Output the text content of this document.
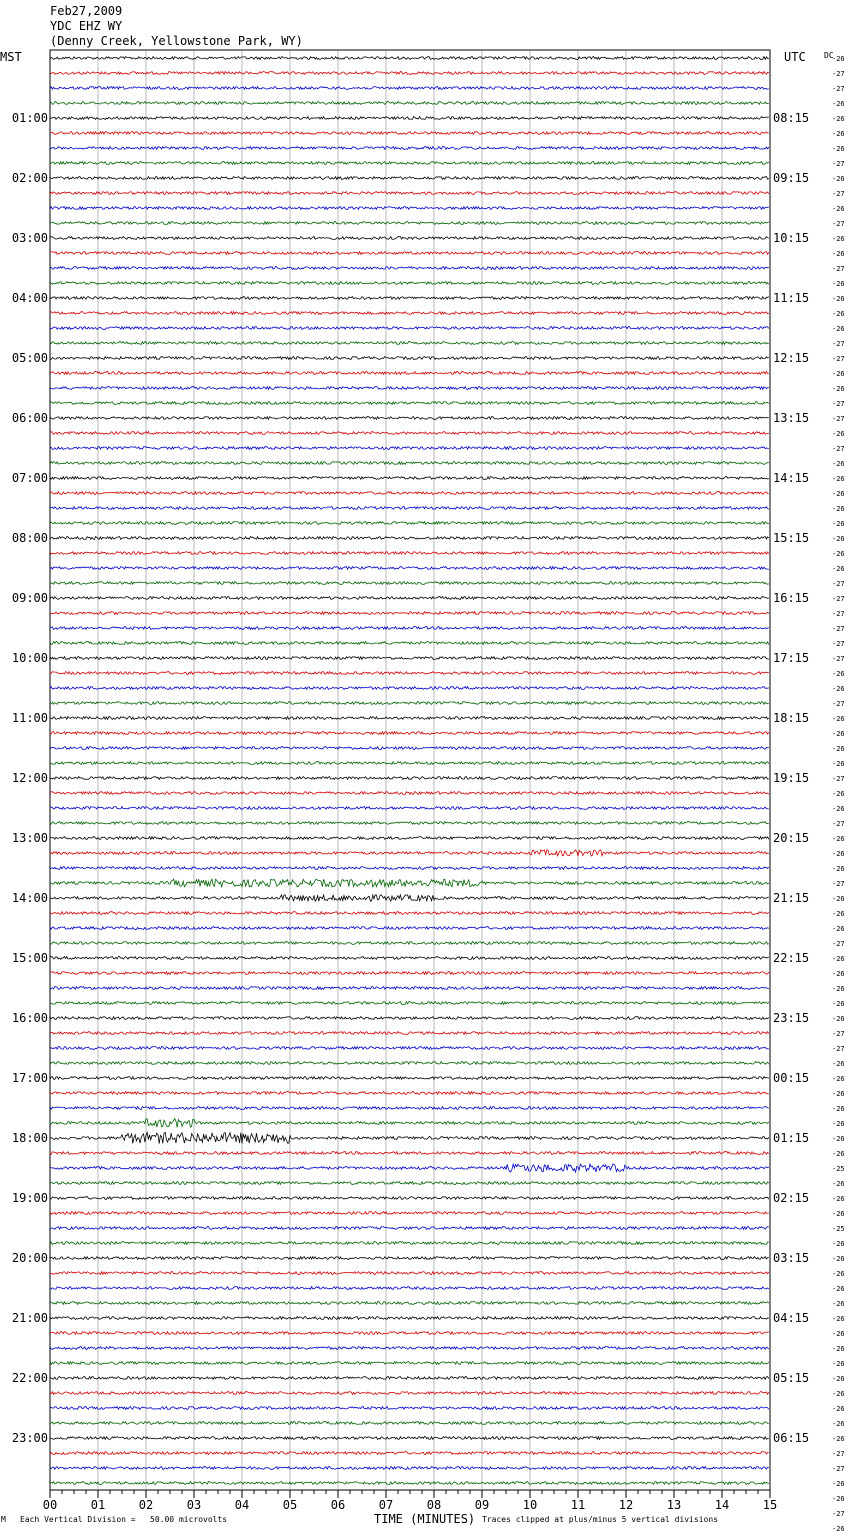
Feb27,2009
YDC EHZ WY
(Denny Creek, Yellowstone Park, WY)
MST	UTC
01:00
02:00
03:00
04:00
05:00
06:00
07:00
08:00
09:00
10:00
11:00
12:00
13:00
14:00
15:00
16:00
17:00
18:00
19:00
20:00
21:00
22:00
23:00
08:15
09:15
10:15
11:15
12:15
13:15
14:15
15:15
16:15
17:15
18:15
19:15
20:15
21:15
22:15
23:15
00:15
01:15
02:15
03:15
04:15
05:15
06:15
DC
-26
-27
-27
-26
-26
-26
-26
-27
-26
-27
-26
-27
-26
-26
-27
-26
-26
-26
-26
-27
-27
-26
-26
-27
-27
-26
-27
-26
-26
-26
-26
-26
-26
-26
-26
-27
-27
-27
-27
-27
-27
-26
-26
-27
-26
-26
-26
-26
-27
-26
-26
-27
-26
-26
-26
-27
-26
-26
-26
-27
-26
-26
-26
-26
-26
-27
-27
-26
-26
-26
-26
-26
-26
-26
-25
-26
-26
-26
-25
-26
-26
-26
-26
-26
-26
-26
-26
-26
-26
-26
-26
-26
-26
-27
-27
-26
-26
-27
-26
00	01	02	03	04	05	06	07	08	09	10	11	12	13	14	15
TIME (MINUTES)
M Each Vertical Division =   50.00 microvolts	Traces clipped at plus/minus 5 vertical divisions
